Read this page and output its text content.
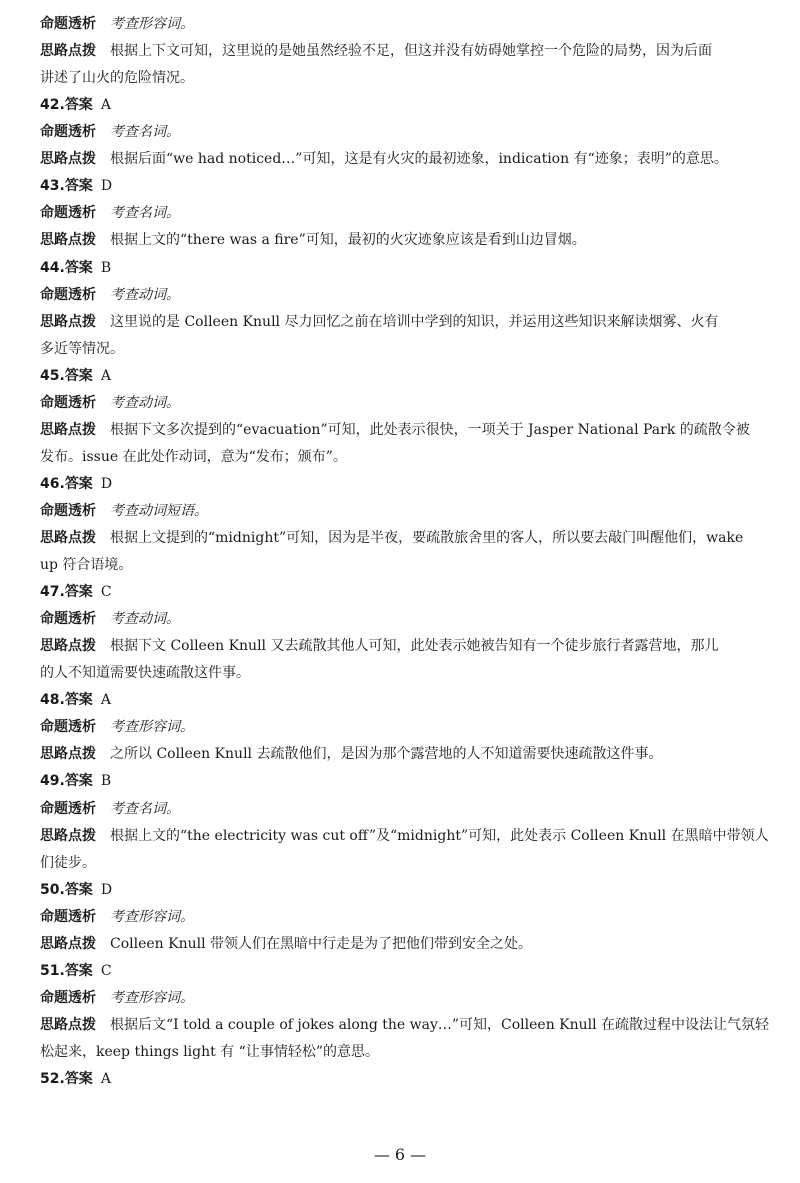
命题透析 考查形容词。
思路点拨 根据上下文可知，这里说的是她虽然经验不足，但这并没有妨碍她掌控一个危险的局势，因为后面
讲述了山火的危险情况。
42.答案 A
命题透析 考查名词。
思路点拨 根据后面“we had noticed…”可知，这是有火灾的最初迹象，indication 有“迹象；表明”的意思。
43.答案 D
命题透析 考查名词。
思路点拨 根据上文的“there was a fire”可知，最初的火灾迹象应该是看到山边冒烟。
44.答案 B
命题透析 考查动词。
思路点拨 这里说的是 Colleen Knull 尽力回忆之前在培训中学到的知识，并运用这些知识来解读烟雾、火有
多近等情况。
45.答案 A
命题透析 考查动词。
思路点拨 根据下文多次提到的“evacuation”可知，此处表示很快，一项关于 Jasper National Park 的疏散令被
发布。issue 在此处作动词，意为“发布；颁布”。
46.答案 D
命题透析 考查动词短语。
思路点拨 根据上文提到的“midnight”可知，因为是半夜，要疏散旅舍里的客人，所以要去敲门叫醒他们，wake
up 符合语境。
47.答案 C
命题透析 考查动词。
思路点拨 根据下文 Colleen Knull 又去疏散其他人可知，此处表示她被告知有一个徒步旅行者露营地，那儿
的人不知道需要快速疏散这件事。
48.答案 A
命题透析 考查形容词。
思路点拨 之所以 Colleen Knull 去疏散他们，是因为那个露营地的人不知道需要快速疏散这件事。
49.答案 B
命题透析 考查名词。
思路点拨 根据上文的“the electricity was cut off”及“midnight”可知，此处表示 Colleen Knull 在黑暗中带领人
们徒步。
50.答案 D
命题透析 考查形容词。
思路点拨 Colleen Knull 带领人们在黑暗中行走是为了把他们带到安全之处。
51.答案 C
命题透析 考查形容词。
思路点拨 根据后文“I told a couple of jokes along the way…”可知，Colleen Knull 在疏散过程中设法让气氛轻
松起来，keep things light 有 “让事情轻松”的意思。
52.答案 A
— 6 —
